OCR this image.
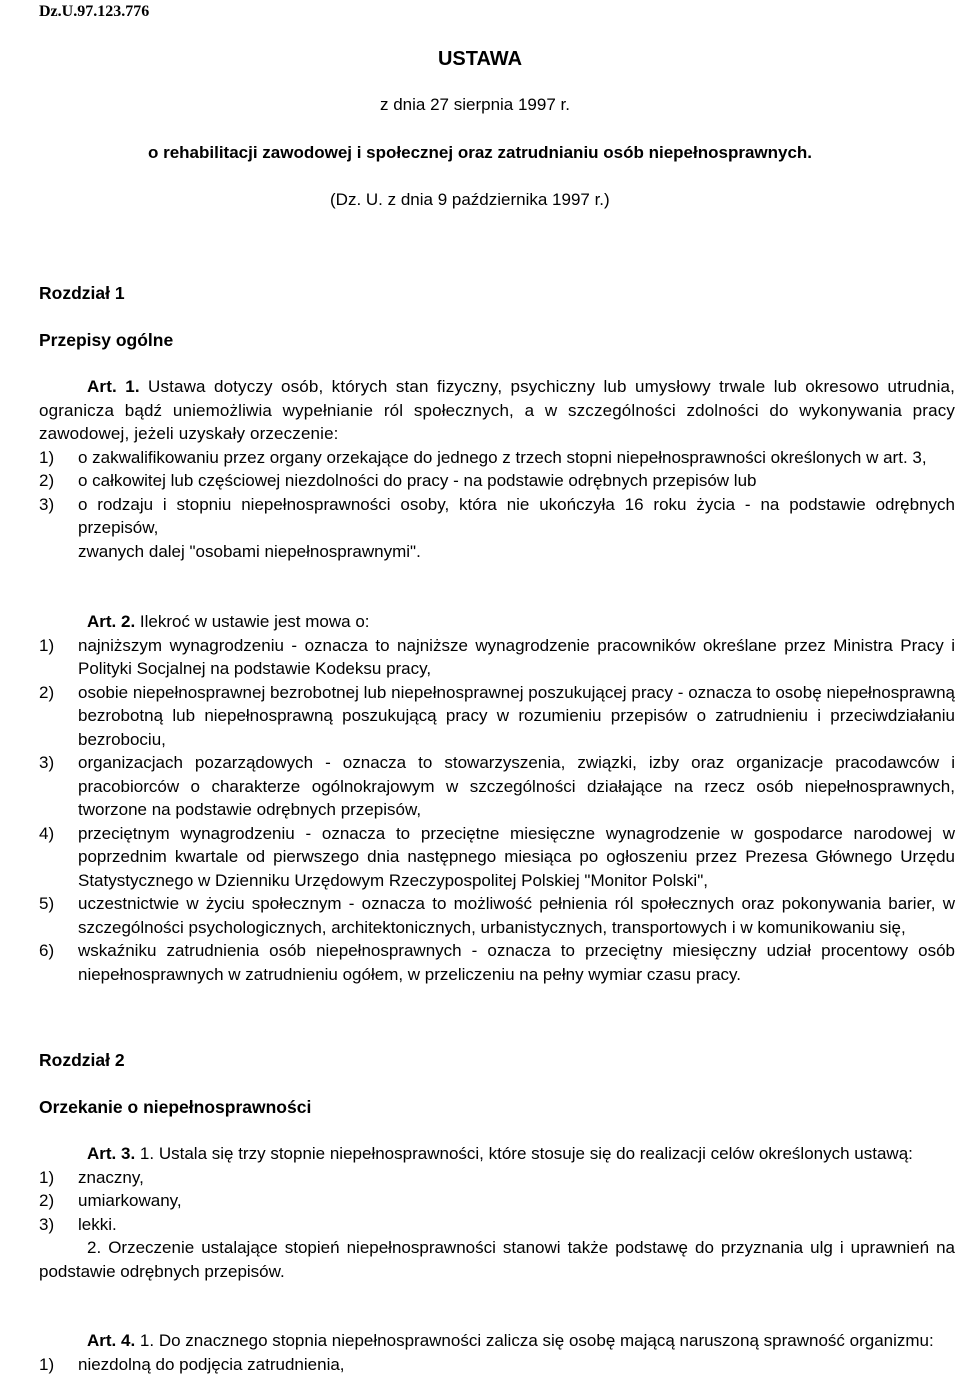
Dz.U.97.123.776
USTAWA
z dnia 27 sierpnia 1997 r.
o rehabilitacji zawodowej i społecznej oraz zatrudnianiu osób niepełnosprawnych.
(Dz. U. z dnia 9 października 1997 r.)
Rozdział 1
Przepisy ogólne
Art. 1. Ustawa dotyczy osób, których stan fizyczny, psychiczny lub umysłowy trwale lub okresowo utrudnia, ogranicza bądź uniemożliwia wypełnianie ról społecznych, a w szczególności zdolności do wykonywania pracy zawodowej, jeżeli uzyskały orzeczenie:
1) o zakwalifikowaniu przez organy orzekające do jednego z trzech stopni niepełnosprawności określonych w art. 3,
2) o całkowitej lub częściowej niezdolności do pracy - na podstawie odrębnych przepisów lub
3) o rodzaju i stopniu niepełnosprawności osoby, która nie ukończyła 16 roku życia - na podstawie odrębnych przepisów,
zwanych dalej "osobami niepełnosprawnymi".
Art. 2. Ilekroć w ustawie jest mowa o:
1) najniższym wynagrodzeniu - oznacza to najniższe wynagrodzenie pracowników określane przez Ministra Pracy i Polityki Socjalnej na podstawie Kodeksu pracy,
2) osobie niepełnosprawnej bezrobotnej lub niepełnosprawnej poszukującej pracy - oznacza to osobę niepełnosprawną bezrobotną lub niepełnosprawną poszukującą pracy w rozumieniu przepisów o zatrudnieniu i przeciwdziałaniu bezrobociu,
3) organizacjach pozarządowych - oznacza to stowarzyszenia, związki, izby oraz organizacje pracodawców i pracobiorców o charakterze ogólnokrajowym w szczególności działające na rzecz osób niepełnosprawnych, tworzone na podstawie odrębnych przepisów,
4) przeciętnym wynagrodzeniu - oznacza to przeciętne miesięczne wynagrodzenie w gospodarce narodowej w poprzednim kwartale od pierwszego dnia następnego miesiąca po ogłoszeniu przez Prezesa Głównego Urzędu Statystycznego w Dzienniku Urzędowym Rzeczypospolitej Polskiej "Monitor Polski",
5) uczestnictwie w życiu społecznym - oznacza to możliwość pełnienia ról społecznych oraz pokonywania barier, w szczególności psychologicznych, architektonicznych, urbanistycznych, transportowych i w komunikowaniu się,
6) wskaźniku zatrudnienia osób niepełnosprawnych - oznacza to przeciętny miesięczny udział procentowy osób niepełnosprawnych w zatrudnieniu ogółem, w przeliczeniu na pełny wymiar czasu pracy.
Rozdział 2
Orzekanie o niepełnosprawności
Art. 3. 1. Ustala się trzy stopnie niepełnosprawności, które stosuje się do realizacji celów określonych ustawą:
1) znaczny,
2) umiarkowany,
3) lekki.
2. Orzeczenie ustalające stopień niepełnosprawności stanowi także podstawę do przyznania ulg i uprawnień na podstawie odrębnych przepisów.
Art. 4. 1. Do znacznego stopnia niepełnosprawności zalicza się osobę mającą naruszoną sprawność organizmu:
1) niezdolną do podjęcia zatrudnienia,
